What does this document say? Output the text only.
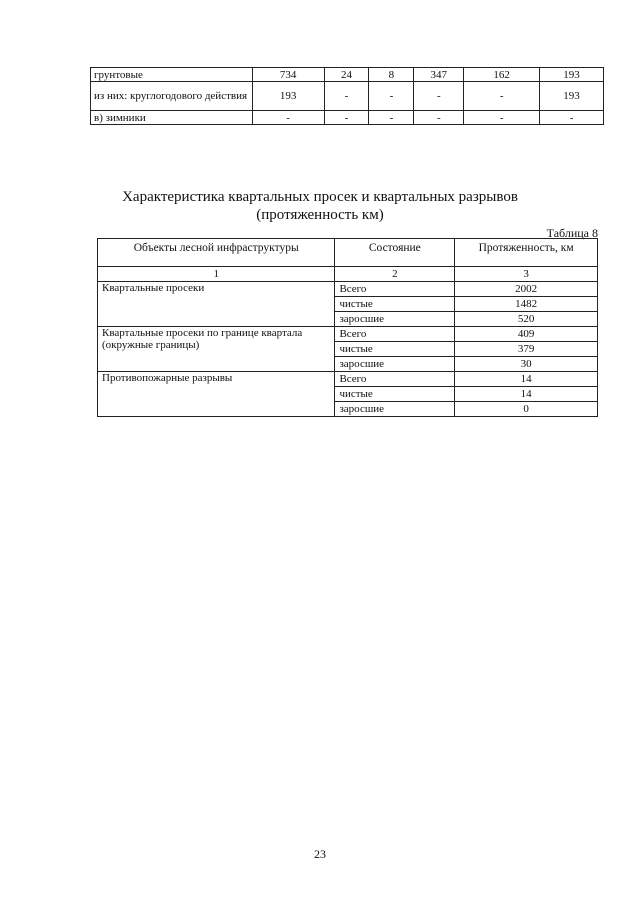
грунтовые	734	24	8	347	162	193
из них: круглогодового действия	193	-	-	-	-	193
в) зимники	-	-	-	-	-	-
Характеристика квартальных просек и квартальных разрывов
(протяженность км)
Таблица 8
Объекты лесной инфраструктуры	Состояние	Протяженность, км
1	2	3
Квартальные просеки	Всего	2002
	чистые	1482
	заросшие	520
Квартальные просеки по границе квартала (окружные границы)	Всего	409
	чистые	379
	заросшие	30
Противопожарные разрывы	Всего	14
	чистые	14
	заросшие	0
23
